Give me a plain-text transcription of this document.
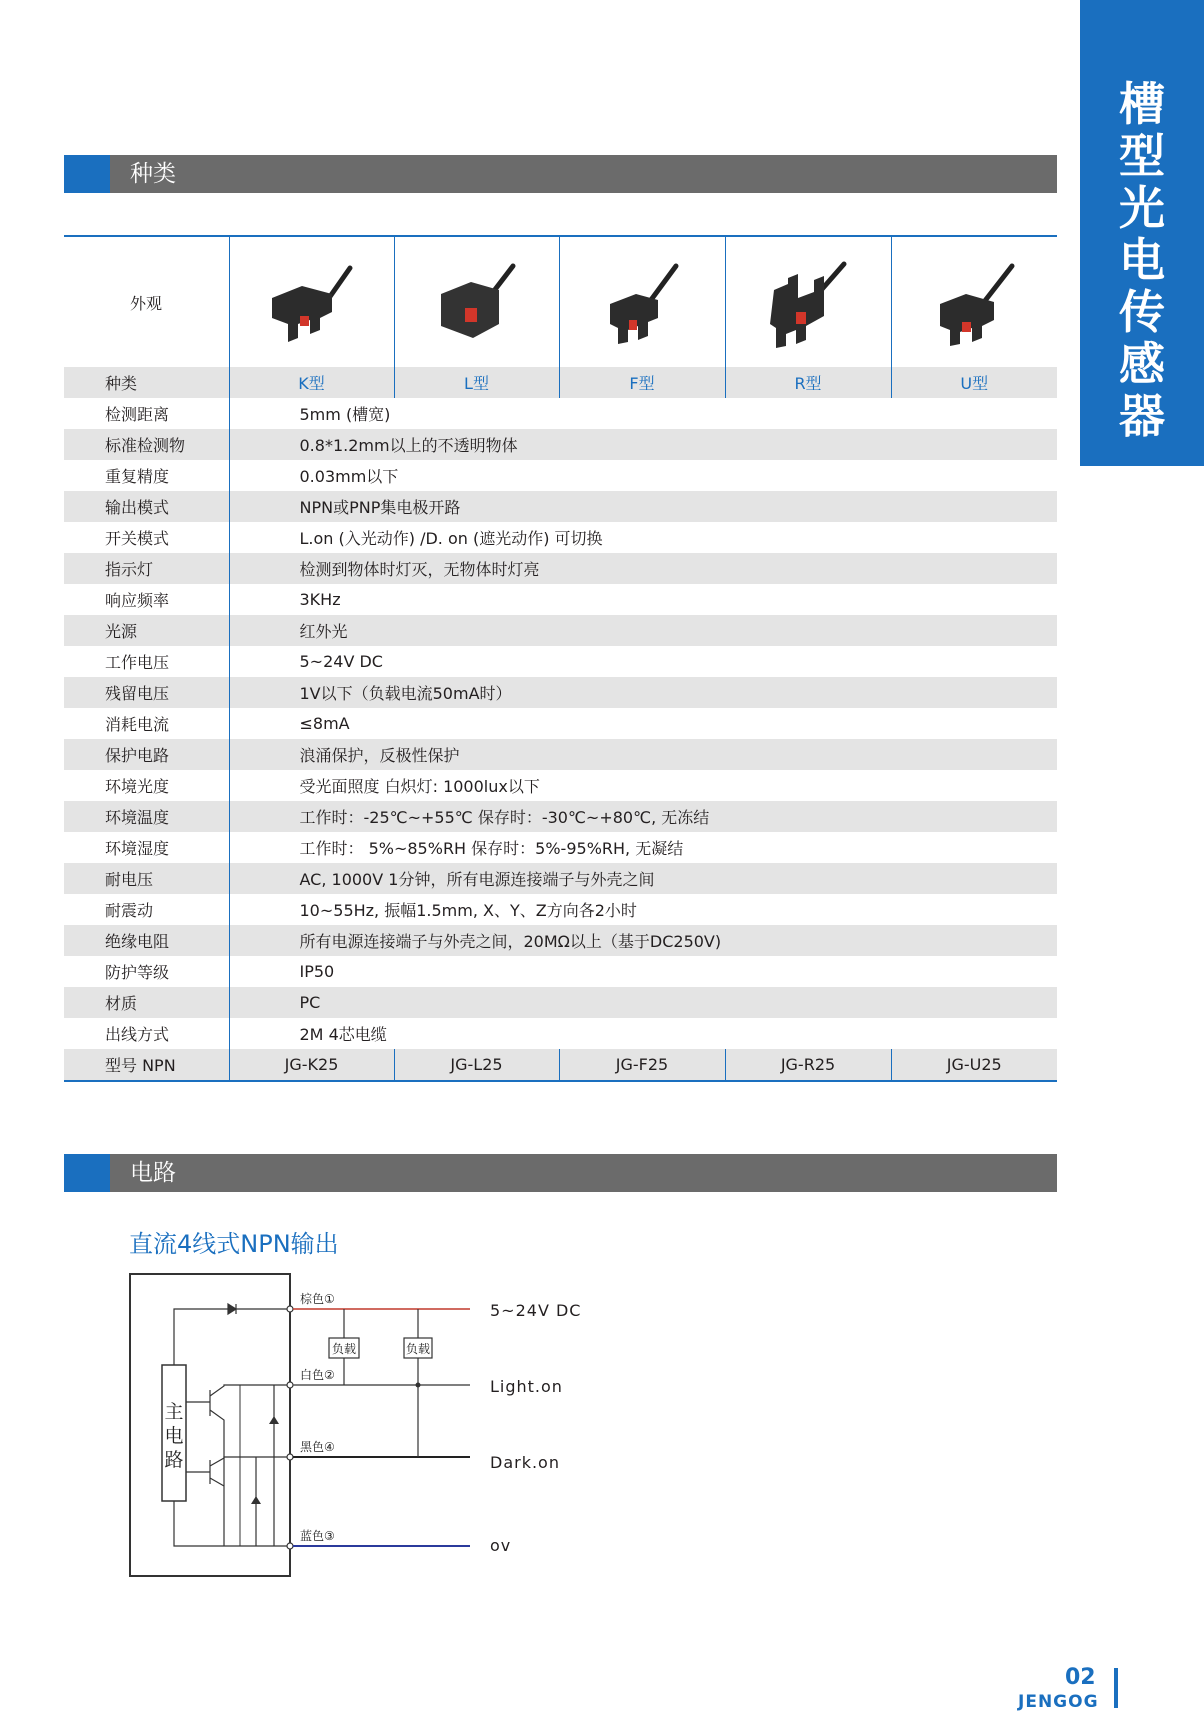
槽
型
光
电
传
感
器
种类
外观					
种类	K型	L型	F型	R型	U型
检测距离	5mm (槽宽)				
标准检测物	0.8*1.2mm以上的不透明物体				
重复精度	0.03mm以下				
输出模式	NPN或PNP集电极开路				
开关模式	L.on (入光动作) /D. on (遮光动作) 可切换				
指示灯	检测到物体时灯灭，无物体时灯亮				
响应频率	3KHz				
光源	红外光				
工作电压	5~24V DC				
残留电压	1V以下（负载电流50mA时）				
消耗电流	≤8mA				
保护电路	浪涌保护，反极性保护				
环境光度	受光面照度 白炽灯: 1000lux以下				
环境温度	工作时：-25℃~+55℃ 保存时：-30℃~+80℃, 无冻结				
环境湿度	工作时： 5%~85%RH 保存时：5%-95%RH, 无凝结				
耐电压	AC, 1000V 1分钟，所有电源连接端子与外壳之间				
耐震动	10~55Hz, 振幅1.5mm, X、Y、Z方向各2小时				
绝缘电阻	所有电源连接端子与外壳之间，20MΩ以上（基于DC250V)				
防护等级	IP50				
材质	PC				
出线方式	2M 4芯电缆				
型号 NPN	JG-K25	JG-L25	JG-F25	JG-R25	JG-U25
电路
直流4线式NPN输出
主
电
路
棕色①
白色②
黑色④
蓝色③
负载	负载
5~24V DC
Light.on
Dark.on
ov
02
JENGOG
